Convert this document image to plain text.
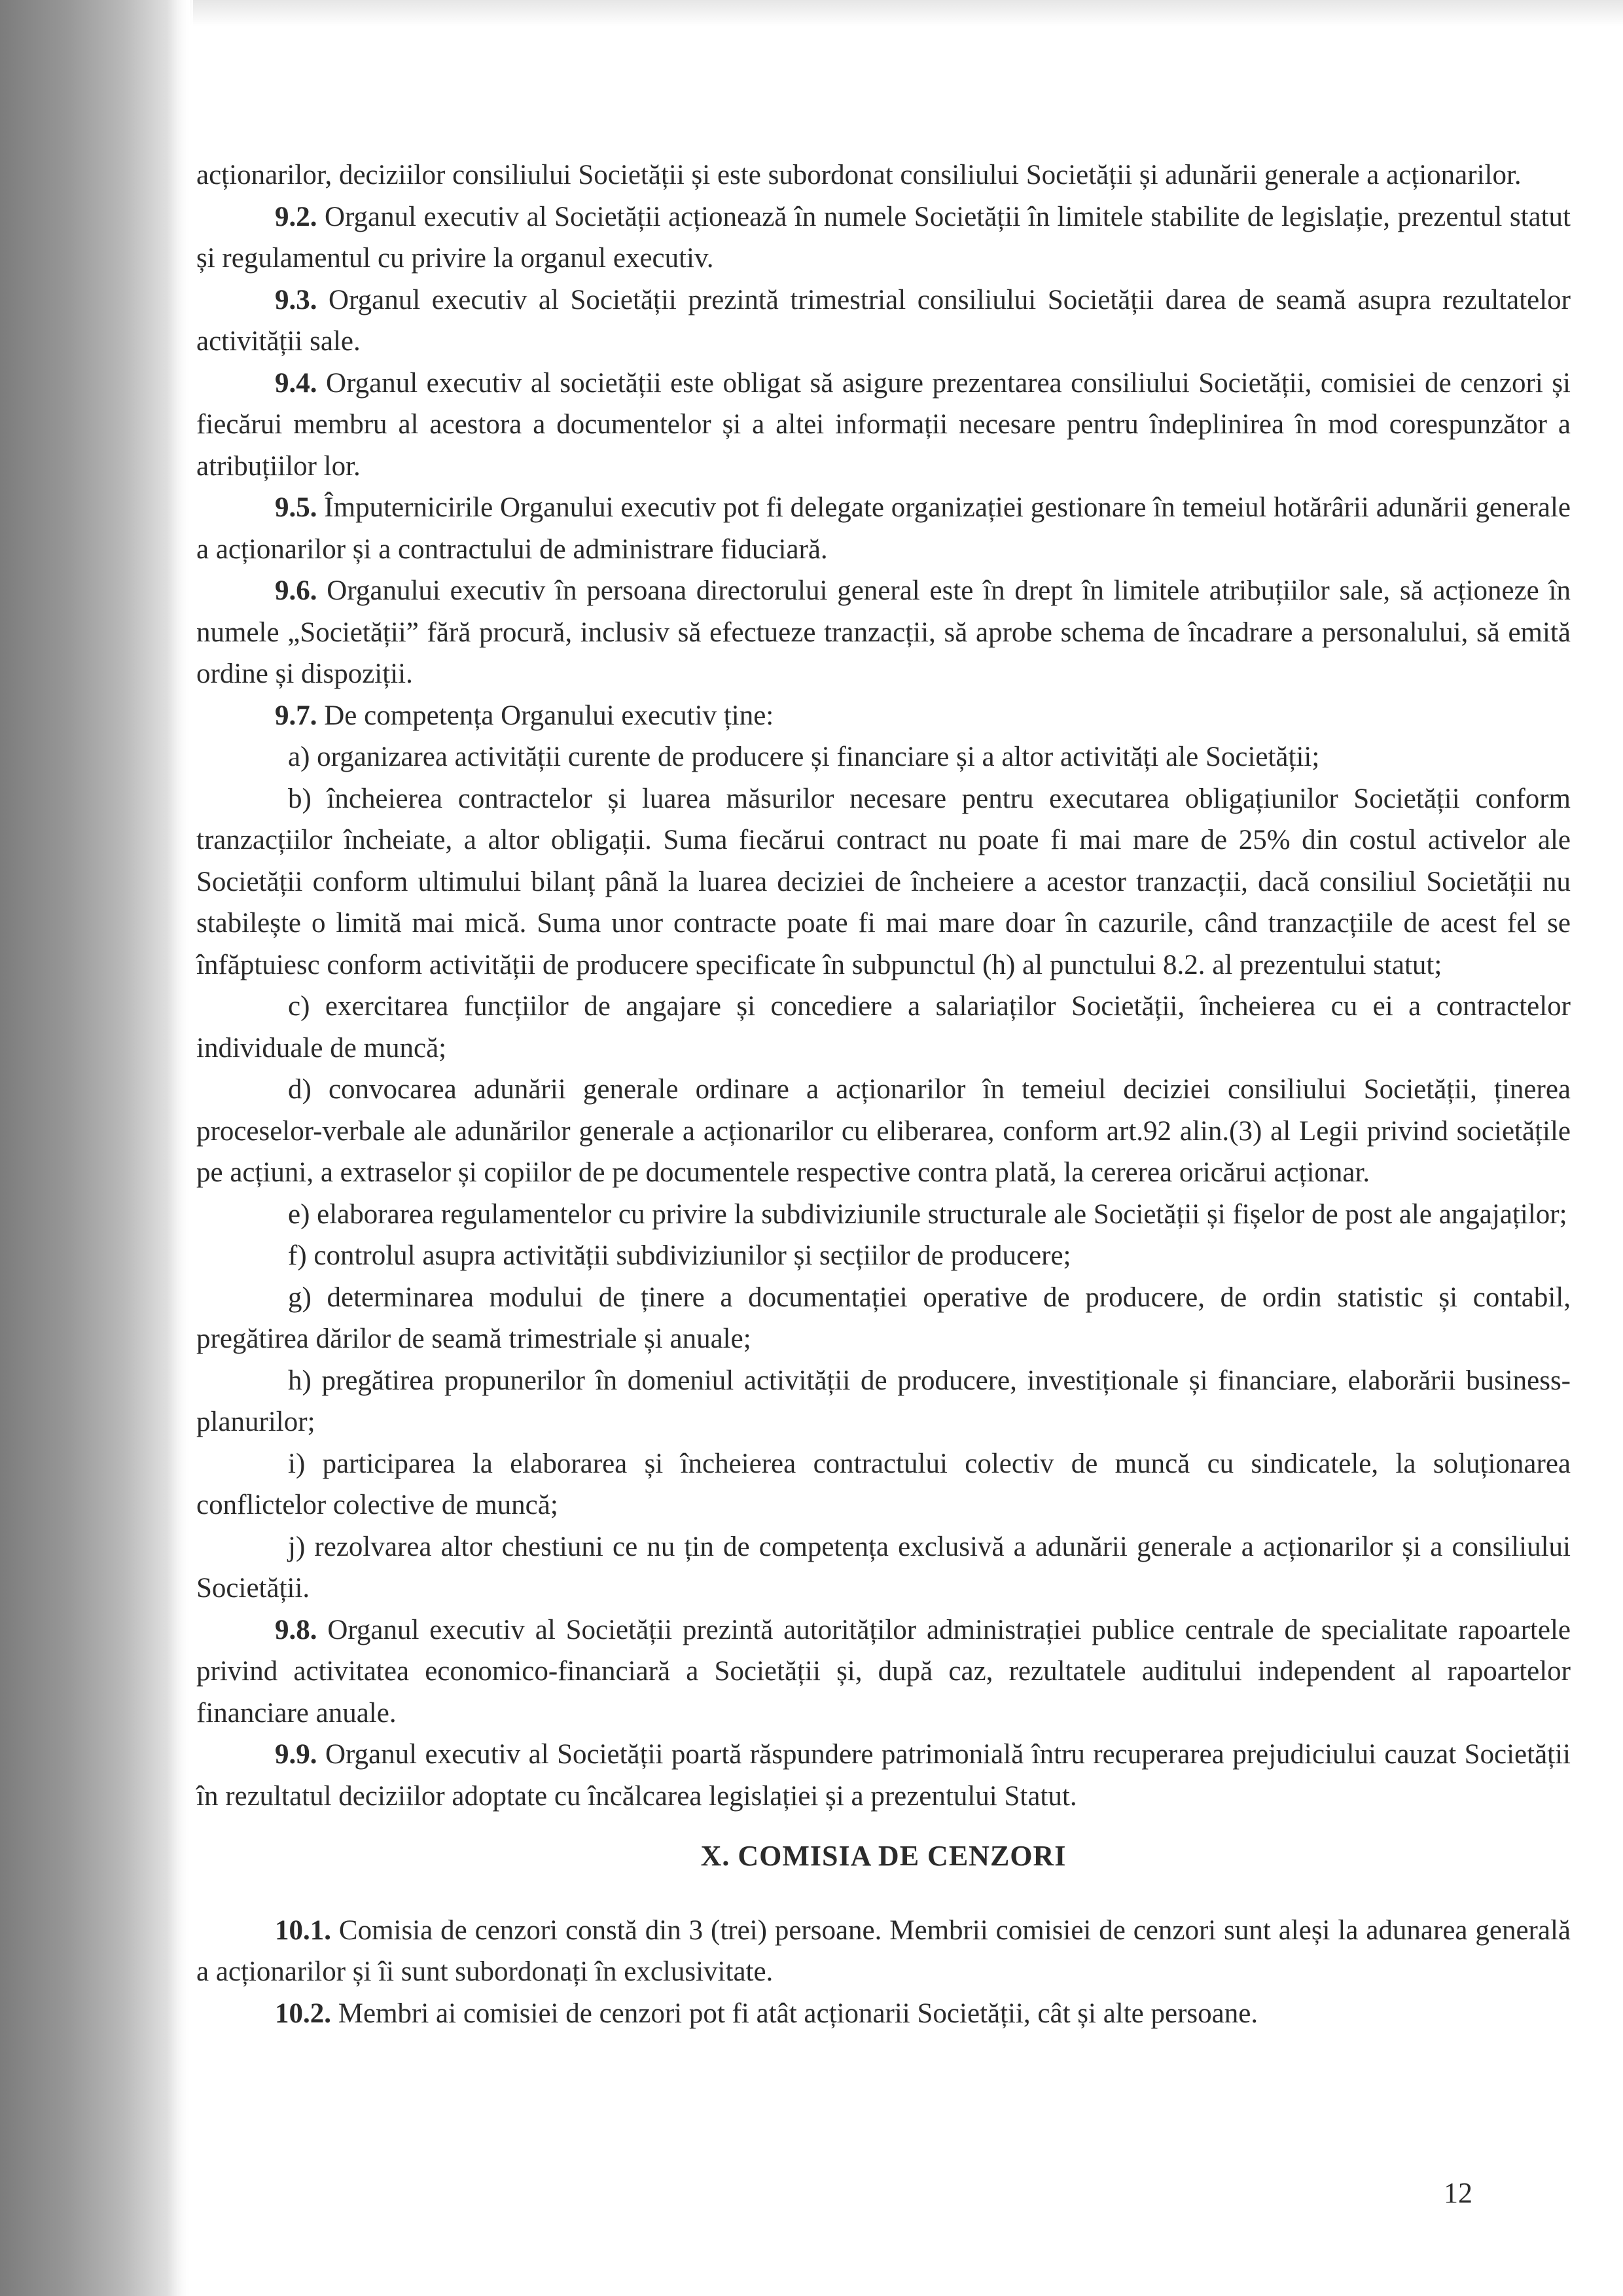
acționarilor, deciziilor consiliului Societății și este subordonat consiliului Societății și adunării generale a acționarilor.

9.2. Organul executiv al Societății acționează în numele Societății în limitele stabilite de legislație, prezentul statut și regulamentul cu privire la organul executiv.

9.3. Organul executiv al Societății prezintă trimestrial consiliului Societății darea de seamă asupra rezultatelor activității sale.

9.4. Organul executiv al societății este obligat să asigure prezentarea consiliului Societății, comisiei de cenzori și fiecărui membru al acestora a documentelor și a altei informații necesare pentru îndeplinirea în mod corespunzător a atribuțiilor lor.

9.5. Împuternicirile Organului executiv pot fi delegate organizației gestionare în temeiul hotărârii adunării generale a acționarilor și a contractului de administrare fiduciară.

9.6. Organului executiv în persoana directorului general este în drept în limitele atribuțiilor sale, să acționeze în numele „Societății” fără procură, inclusiv să efectueze tranzacții, să aprobe schema de încadrare a personalului, să emită ordine și dispoziții.

9.7. De competența Organului executiv ține:

a) organizarea activității curente de producere și financiare și a altor activități ale Societății;

b) încheierea contractelor și luarea măsurilor necesare pentru executarea obligațiunilor Societății conform tranzacțiilor încheiate, a altor obligații. Suma fiecărui contract nu poate fi mai mare de 25% din costul activelor ale Societății conform ultimului bilanț până la luarea deciziei de încheiere a acestor tranzacții, dacă consiliul Societății nu stabilește o limită mai mică. Suma unor contracte poate fi mai mare doar în cazurile, când tranzacțiile de acest fel se înfăptuiesc conform activității de producere specificate în subpunctul (h) al punctului 8.2. al prezentului statut;

c) exercitarea funcțiilor de angajare și concediere a salariaților Societății, încheierea cu ei a contractelor individuale de muncă;

d) convocarea adunării generale ordinare a acționarilor în temeiul deciziei consiliului Societății, ținerea proceselor-verbale ale adunărilor generale a acționarilor cu eliberarea, conform art.92 alin.(3) al Legii privind societățile pe acțiuni, a extraselor și copiilor de pe documentele respective contra plată, la cererea oricărui acționar.

e) elaborarea regulamentelor cu privire la subdiviziunile structurale ale Societății și fișelor de post ale angajaților;

f) controlul asupra activității subdiviziunilor și secțiilor de producere;

g) determinarea modului de ținere a documentației operative de producere, de ordin statistic și contabil, pregătirea dărilor de seamă trimestriale și anuale;

h) pregătirea propunerilor în domeniul activității de producere, investiționale și financiare, elaborării business-planurilor;

i) participarea la elaborarea și încheierea contractului colectiv de muncă cu sindicatele, la soluționarea conflictelor colective de muncă;

j) rezolvarea altor chestiuni ce nu țin de competența exclusivă a adunării generale a acționarilor și a consiliului Societății.

9.8. Organul executiv al Societății prezintă autorităților administrației publice centrale de specialitate rapoartele privind activitatea economico-financiară a Societății și, după caz, rezultatele auditului independent al rapoartelor financiare anuale.

9.9. Organul executiv al Societății poartă răspundere patrimonială întru recuperarea prejudiciului cauzat Societății în rezultatul deciziilor adoptate cu încălcarea legislației și a prezentului Statut.

X. COMISIA DE CENZORI

10.1. Comisia de cenzori constă din 3 (trei) persoane. Membrii comisiei de cenzori sunt aleși la adunarea generală a acționarilor și îi sunt subordonați în exclusivitate.

10.2. Membri ai comisiei de cenzori pot fi atât acționarii Societății, cât și alte persoane.

12
